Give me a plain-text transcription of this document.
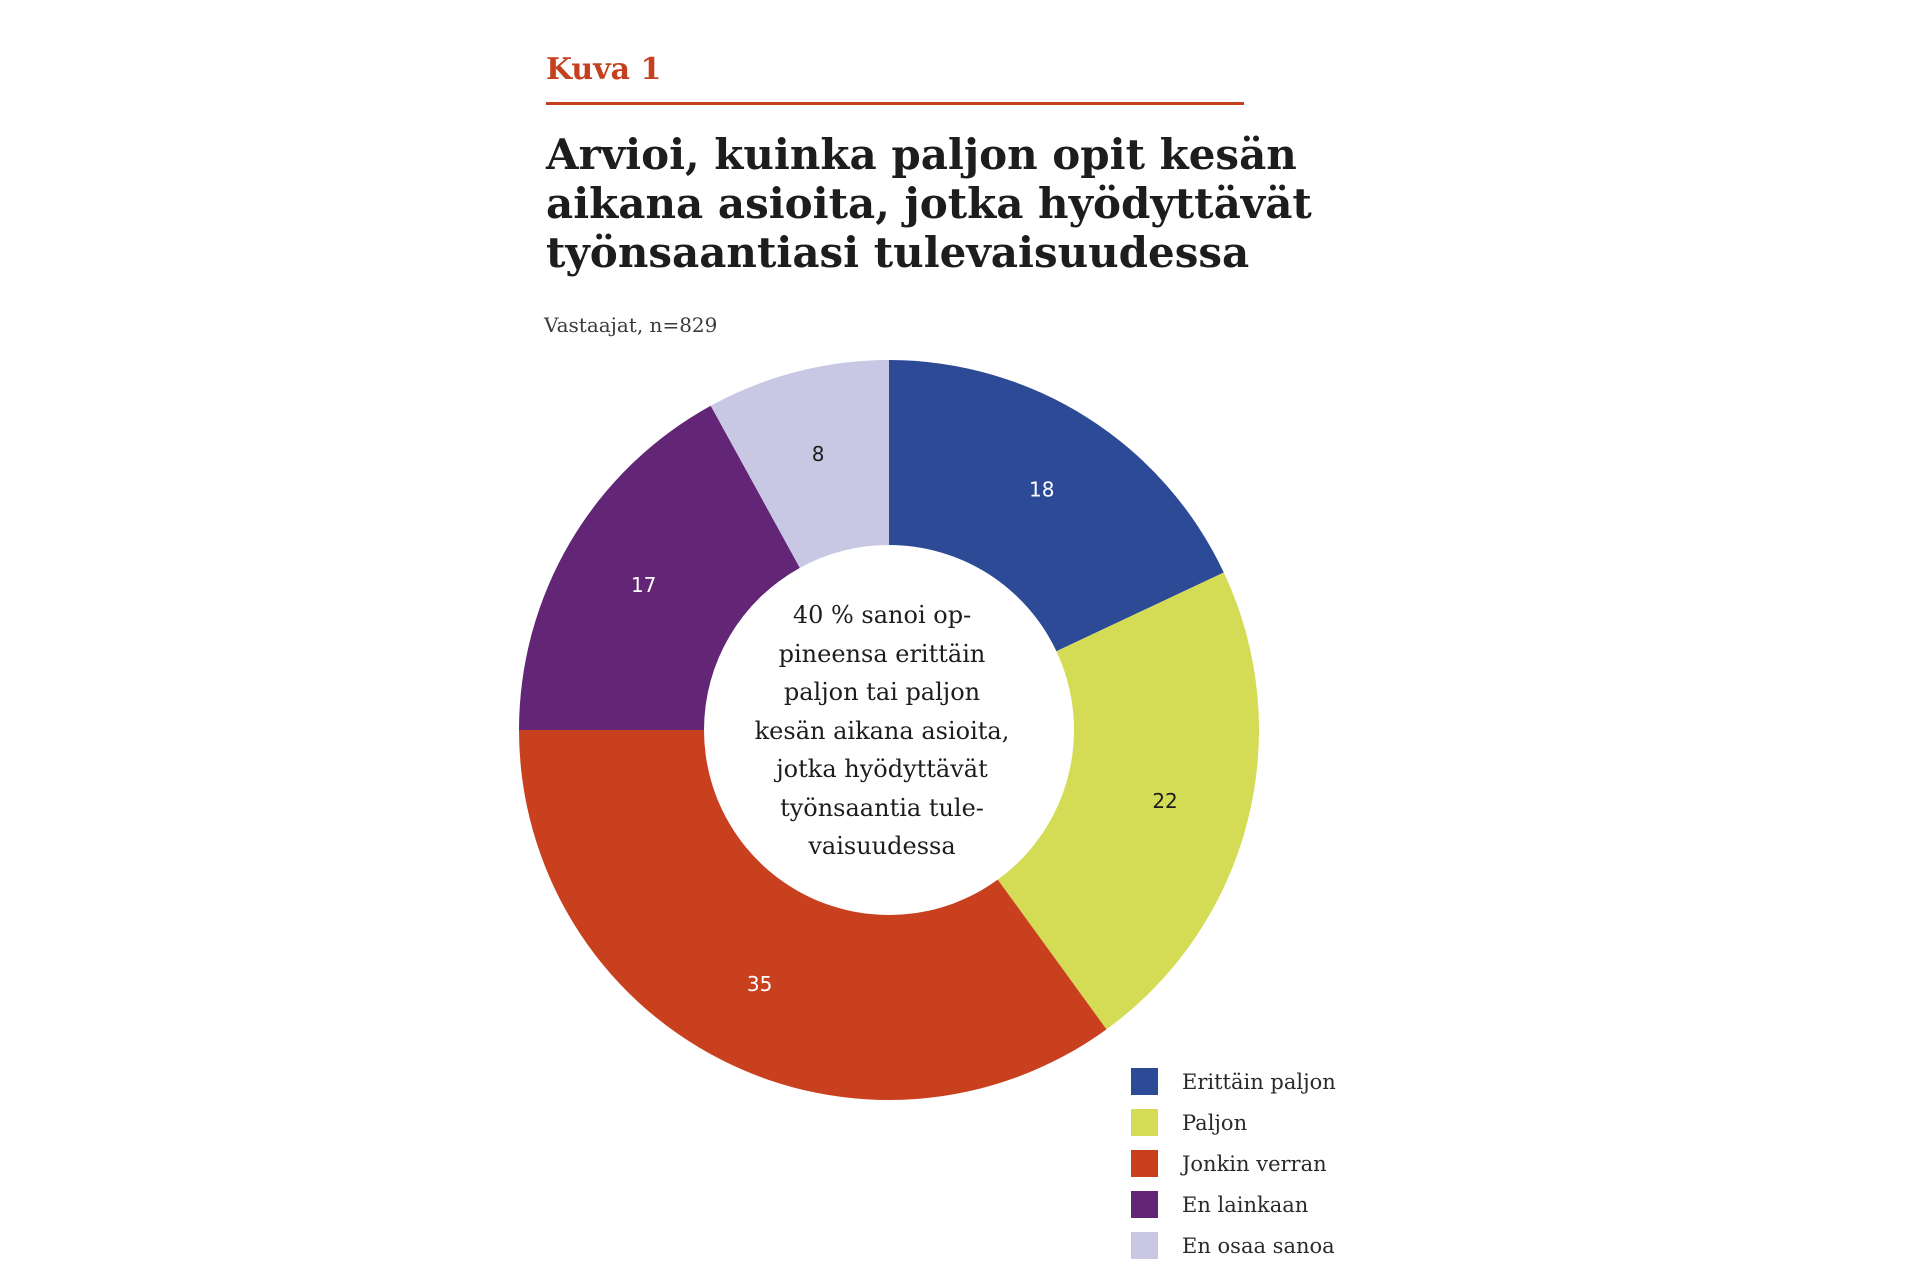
Kuva 1
Arvioi, kuinka paljon opit kesän
aikana asioita, jotka hyödyttävät
työnsaantiasi tulevaisuudessa
Vastaajat, n=829
18
22
35
17
8
40 % sanoi op-
pineensa erittäin
paljon tai paljon
kesän aikana asioita,
jotka hyödyttävät
työnsaantia tule-
vaisuudessa
Erittäin paljon
Paljon
Jonkin verran
En lainkaan
En osaa sanoa
